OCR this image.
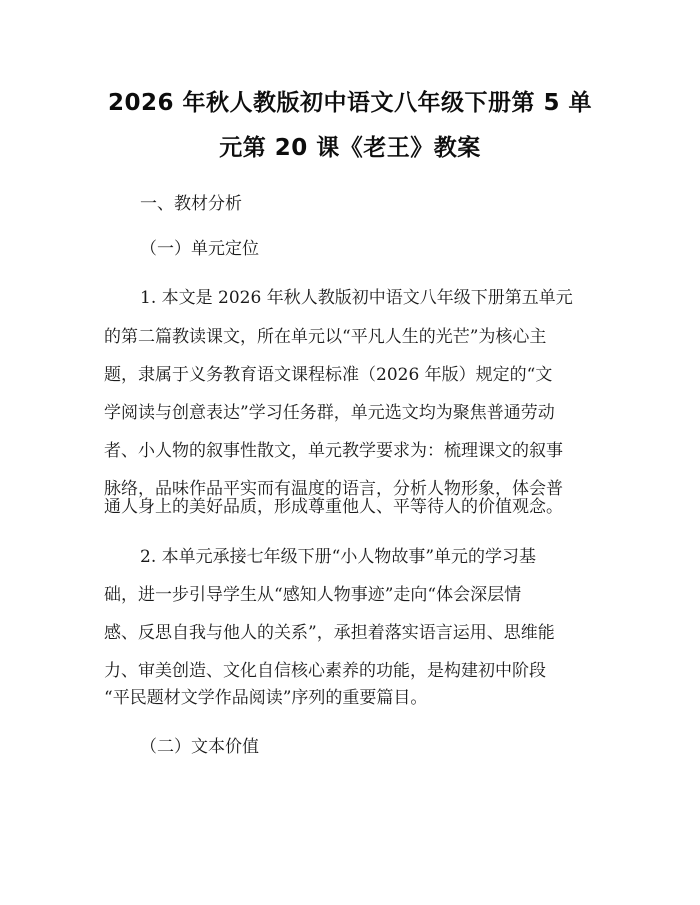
2026 年秋人教版初中语文八年级下册第 5 单
元第 20 课《老王》教案
一、教材分析
（一）单元定位
1. 本文是 2026 年秋人教版初中语文八年级下册第五单元
的第二篇教读课文，所在单元以“平凡人生的光芒”为核心主
题，隶属于义务教育语文课程标准（2026 年版）规定的“文
学阅读与创意表达”学习任务群，单元选文均为聚焦普通劳动
者、小人物的叙事性散文，单元教学要求为：梳理课文的叙事
脉络，品味作品平实而有温度的语言，分析人物形象，体会普
通人身上的美好品质，形成尊重他人、平等待人的价值观念。
2. 本单元承接七年级下册“小人物故事”单元的学习基
础，进一步引导学生从“感知人物事迹”走向“体会深层情
感、反思自我与他人的关系”，承担着落实语言运用、思维能
力、审美创造、文化自信核心素养的功能，是构建初中阶段
“平民题材文学作品阅读”序列的重要篇目。
（二）文本价值
